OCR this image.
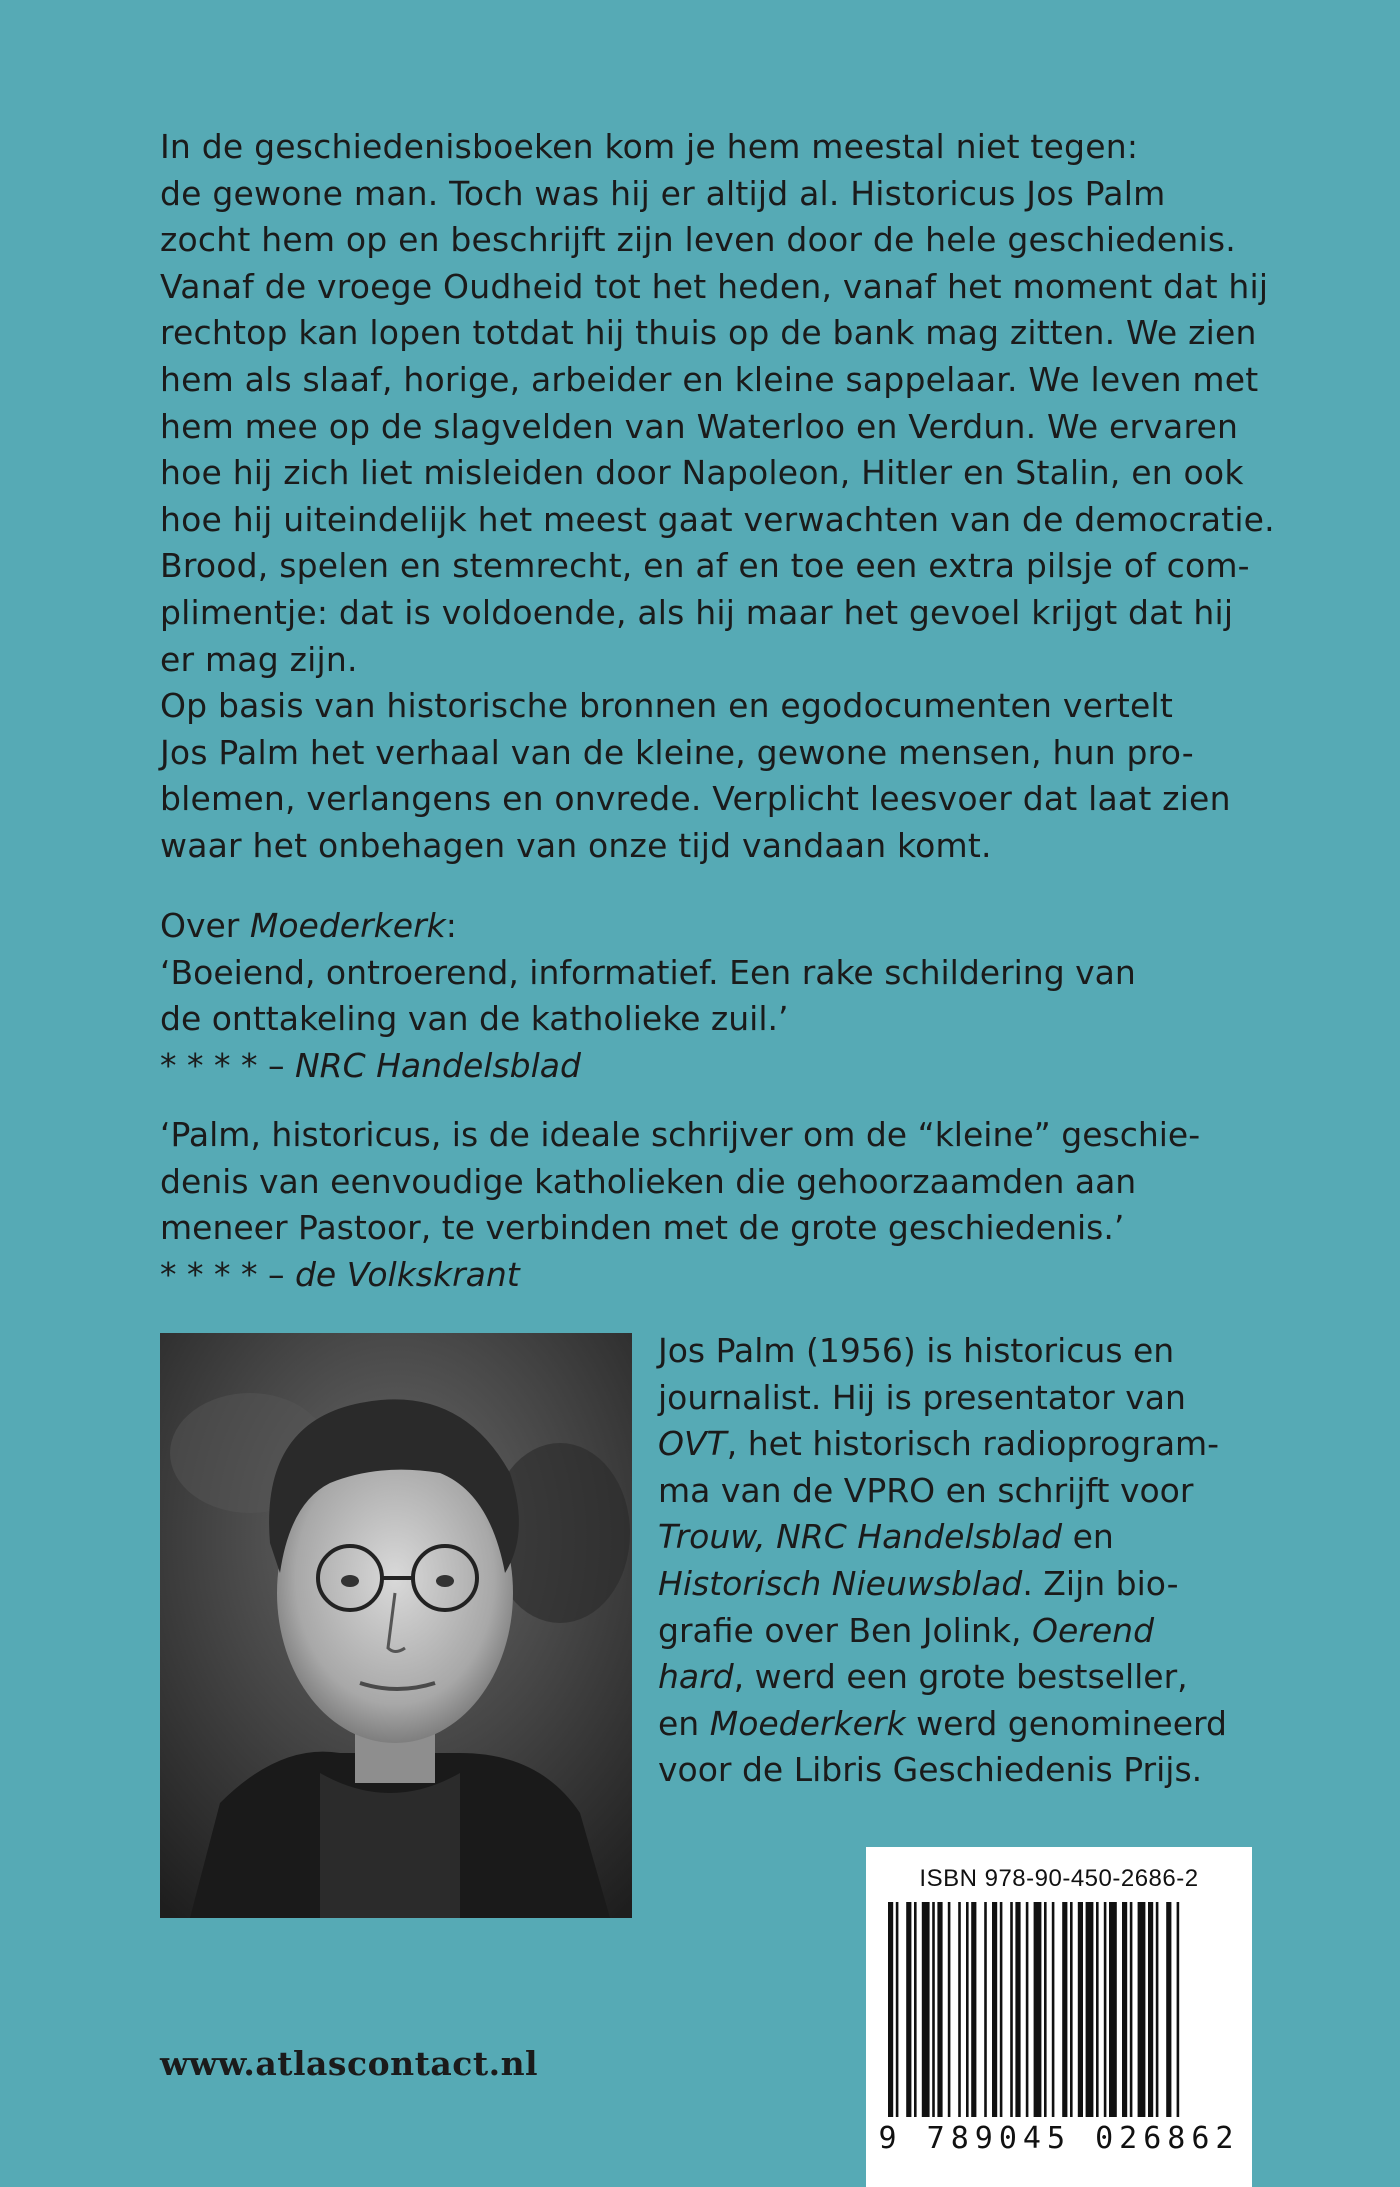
In de geschiedenisboeken kom je hem meestal niet tegen:
de gewone man. Toch was hij er altijd al. Historicus Jos Palm
zocht hem op en beschrijft zijn leven door de hele geschiedenis.
Vanaf de vroege Oudheid tot het heden, vanaf het moment dat hij
rechtop kan lopen totdat hij thuis op de bank mag zitten. We zien
hem als slaaf, horige, arbeider en kleine sappelaar. We leven met
hem mee op de slagvelden van Waterloo en Verdun. We ervaren
hoe hij zich liet misleiden door Napoleon, Hitler en Stalin, en ook
hoe hij uiteindelijk het meest gaat verwachten van de democratie.
Brood, spelen en stemrecht, en af en toe een extra pilsje of com-
plimentje: dat is voldoende, als hij maar het gevoel krijgt dat hij
er mag zijn.

Op basis van historische bronnen en egodocumenten vertelt
Jos Palm het verhaal van de kleine, gewone mensen, hun pro-
blemen, verlangens en onvrede. Verplicht leesvoer dat laat zien
waar het onbehagen van onze tijd vandaan komt.

Over Moederkerk:
‘Boeiend, ontroerend, informatief. Een rake schildering van
de onttakeling van de katholieke zuil.’
* * * * – NRC Handelsblad

‘Palm, historicus, is de ideale schrijver om de “kleine” geschie-
denis van eenvoudige katholieken die gehoorzaamden aan
meneer Pastoor, te verbinden met de grote geschiedenis.’
* * * * – de Volkskrant

Jos Palm (1956) is historicus en
journalist. Hij is presentator van
OVT, het historisch radioprogram-
ma van de VPRO en schrijft voor
Trouw, NRC Handelsblad en
Historisch Nieuwsblad. Zijn bio-
grafie over Ben Jolink, Oerend
hard, werd een grote bestseller,
en Moederkerk werd genomineerd
voor de Libris Geschiedenis Prijs.

www.atlascontact.nl
ISBN 978-90-450-2686-2
9 789045 026862
